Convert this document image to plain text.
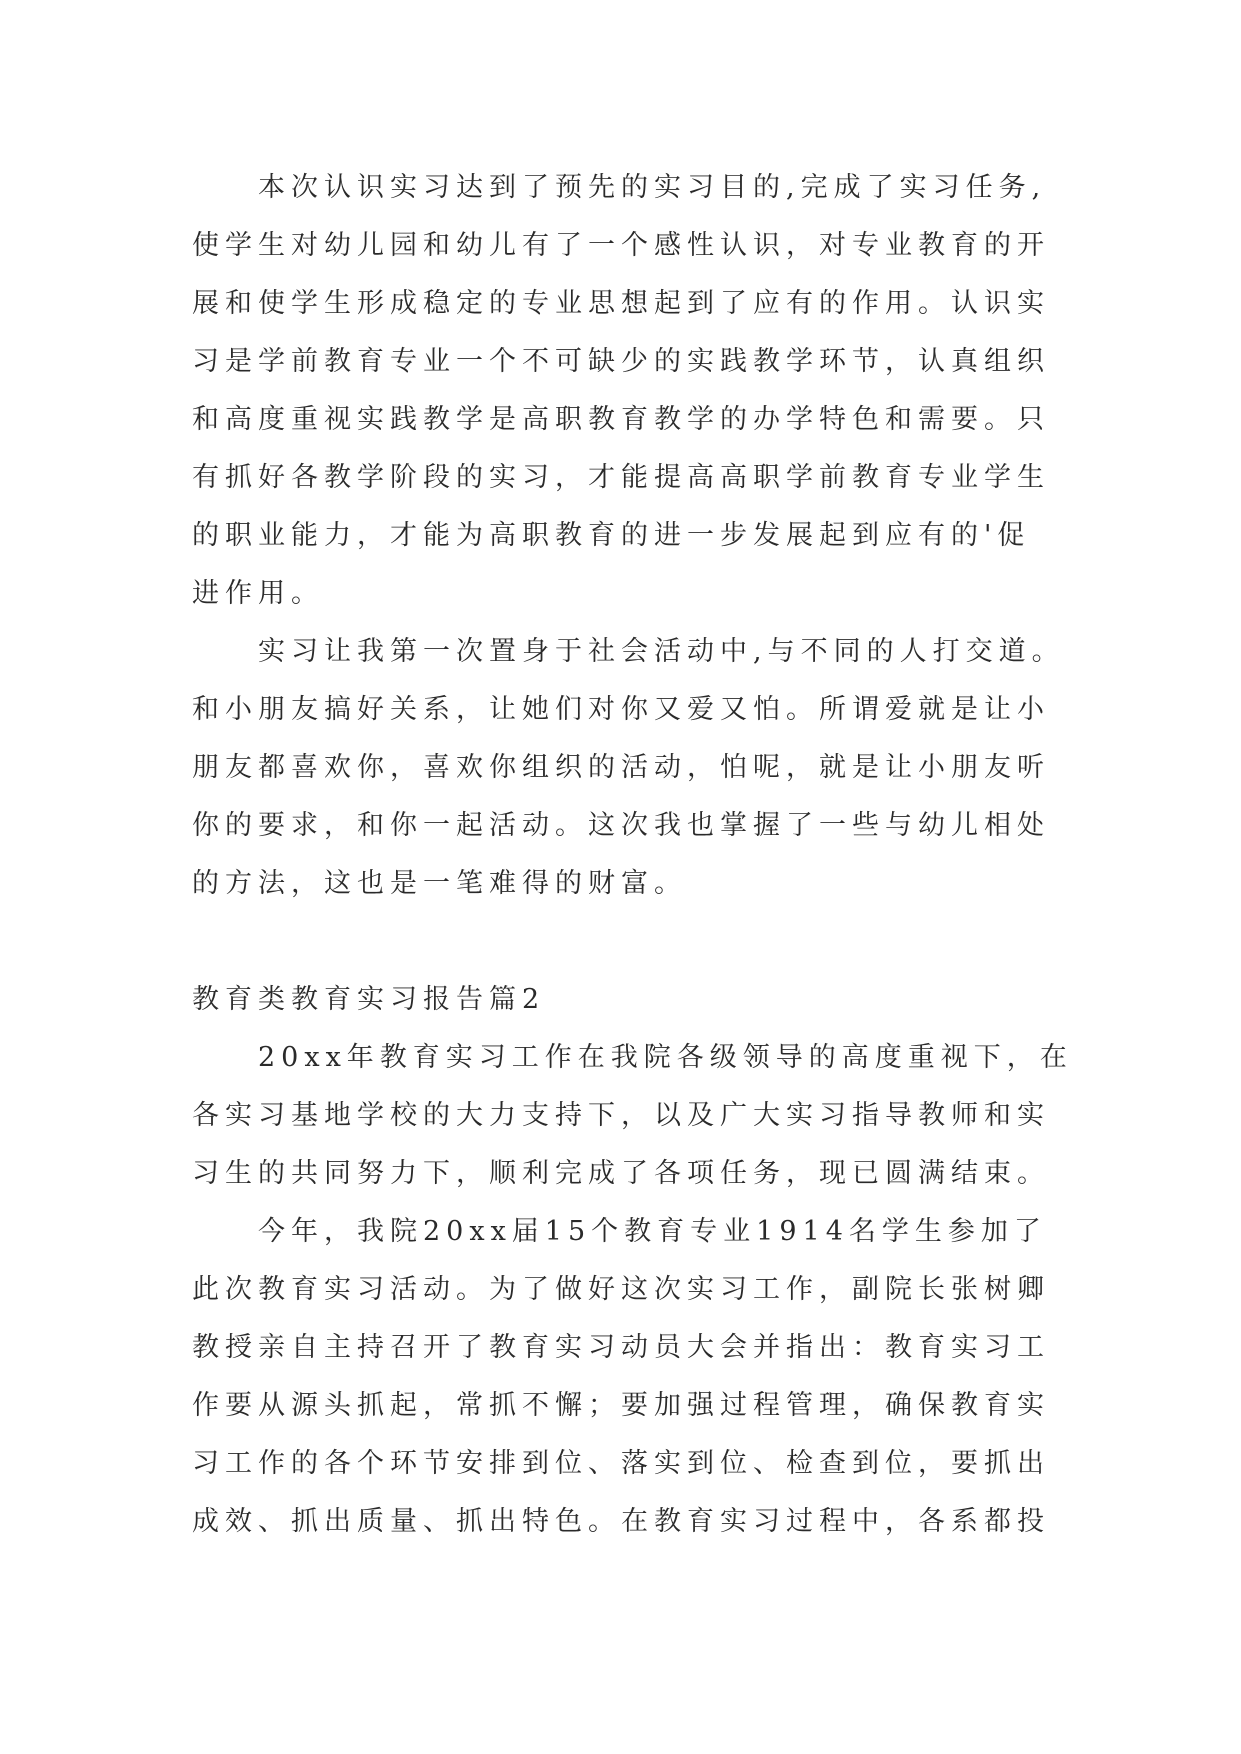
本次认识实习达到了预先的实习目的,完成了实习任务,
使学生对幼儿园和幼儿有了一个感性认识，对专业教育的开
展和使学生形成稳定的专业思想起到了应有的作用。认识实
习是学前教育专业一个不可缺少的实践教学环节，认真组织
和高度重视实践教学是高职教育教学的办学特色和需要。只
有抓好各教学阶段的实习，才能提高高职学前教育专业学生
的职业能力，才能为高职教育的进一步发展起到应有的'促
进作用。
实习让我第一次置身于社会活动中,与不同的人打交道。
和小朋友搞好关系，让她们对你又爱又怕。所谓爱就是让小
朋友都喜欢你，喜欢你组织的活动，怕呢，就是让小朋友听
你的要求，和你一起活动。这次我也掌握了一些与幼儿相处
的方法，这也是一笔难得的财富。
教育类教育实习报告篇2
20xx年教育实习工作在我院各级领导的高度重视下，在
各实习基地学校的大力支持下，以及广大实习指导教师和实
习生的共同努力下，顺利完成了各项任务，现已圆满结束。
今年，我院20xx届15个教育专业1914名学生参加了
此次教育实习活动。为了做好这次实习工作，副院长张树卿
教授亲自主持召开了教育实习动员大会并指出：教育实习工
作要从源头抓起，常抓不懈；要加强过程管理，确保教育实
习工作的各个环节安排到位、落实到位、检查到位，要抓出
成效、抓出质量、抓出特色。在教育实习过程中，各系都投
